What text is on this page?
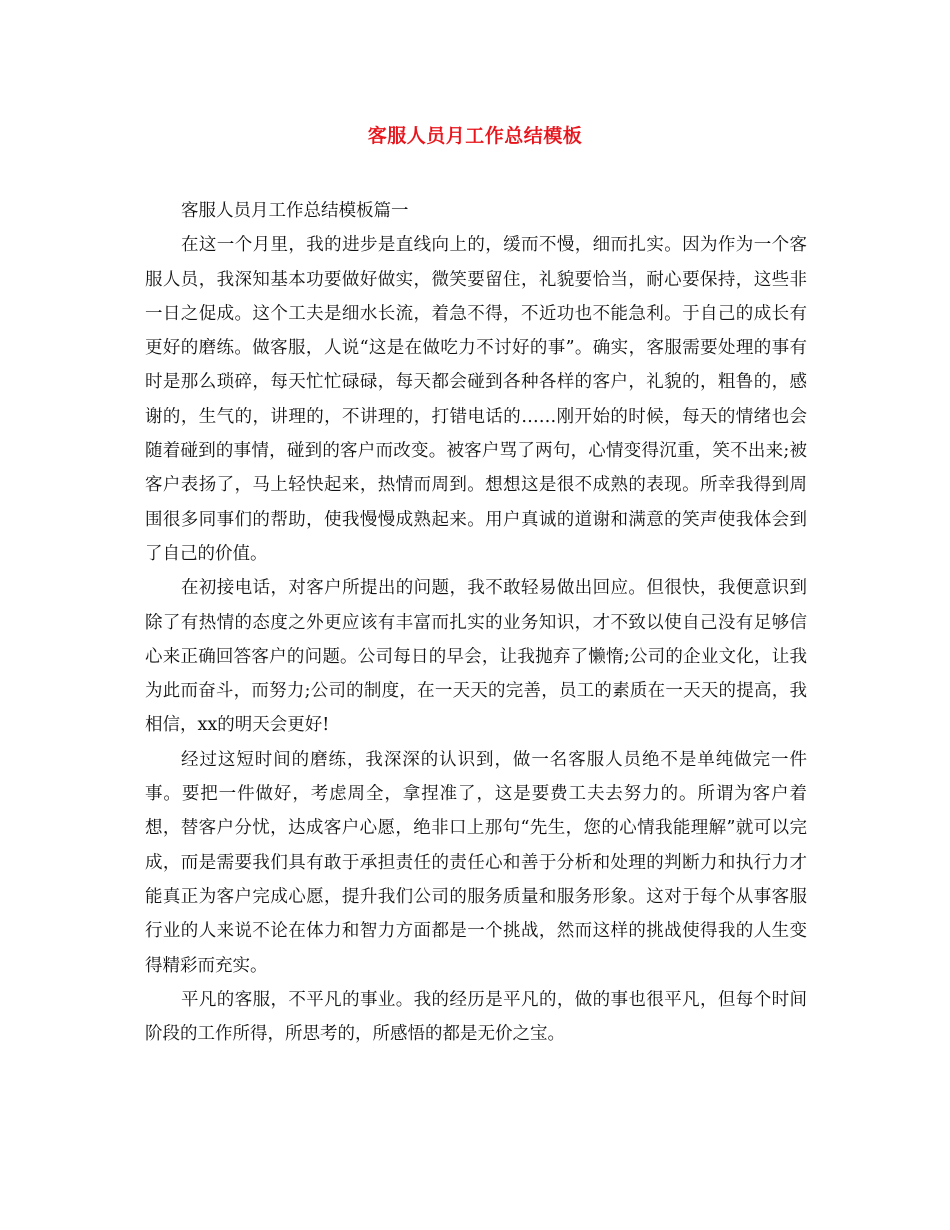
客服人员月工作总结模板

客服人员月工作总结模板篇一

在这一个月里，我的进步是直线向上的，缓而不慢，细而扎实。因为作为一个客服人员，我深知基本功要做好做实，微笑要留住，礼貌要恰当，耐心要保持，这些非一日之促成。这个工夫是细水长流，着急不得，不近功也不能急利。于自己的成长有更好的磨练。做客服，人说“这是在做吃力不讨好的事”。确实，客服需要处理的事有时是那么琐碎，每天忙忙碌碌，每天都会碰到各种各样的客户，礼貌的，粗鲁的，感谢的，生气的，讲理的，不讲理的，打错电话的……刚开始的时候，每天的情绪也会随着碰到的事情，碰到的客户而改变。被客户骂了两句，心情变得沉重，笑不出来;被客户表扬了，马上轻快起来，热情而周到。想想这是很不成熟的表现。所幸我得到周围很多同事们的帮助，使我慢慢成熟起来。用户真诚的道谢和满意的笑声使我体会到了自己的价值。

在初接电话，对客户所提出的问题，我不敢轻易做出回应。但很快，我便意识到除了有热情的态度之外更应该有丰富而扎实的业务知识，才不致以使自己没有足够信心来正确回答客户的问题。公司每日的早会，让我抛弃了懒惰;公司的企业文化，让我为此而奋斗，而努力;公司的制度，在一天天的完善，员工的素质在一天天的提高，我相信，xx的明天会更好!

经过这短时间的磨练，我深深的认识到，做一名客服人员绝不是单纯做完一件事。要把一件做好，考虑周全，拿捏准了，这是要费工夫去努力的。所谓为客户着想，替客户分忧，达成客户心愿，绝非口上那句“先生，您的心情我能理解”就可以完成，而是需要我们具有敢于承担责任的责任心和善于分析和处理的判断力和执行力才能真正为客户完成心愿，提升我们公司的服务质量和服务形象。这对于每个从事客服行业的人来说不论在体力和智力方面都是一个挑战，然而这样的挑战使得我的人生变得精彩而充实。

平凡的客服，不平凡的事业。我的经历是平凡的，做的事也很平凡，但每个时间阶段的工作所得，所思考的，所感悟的都是无价之宝。
